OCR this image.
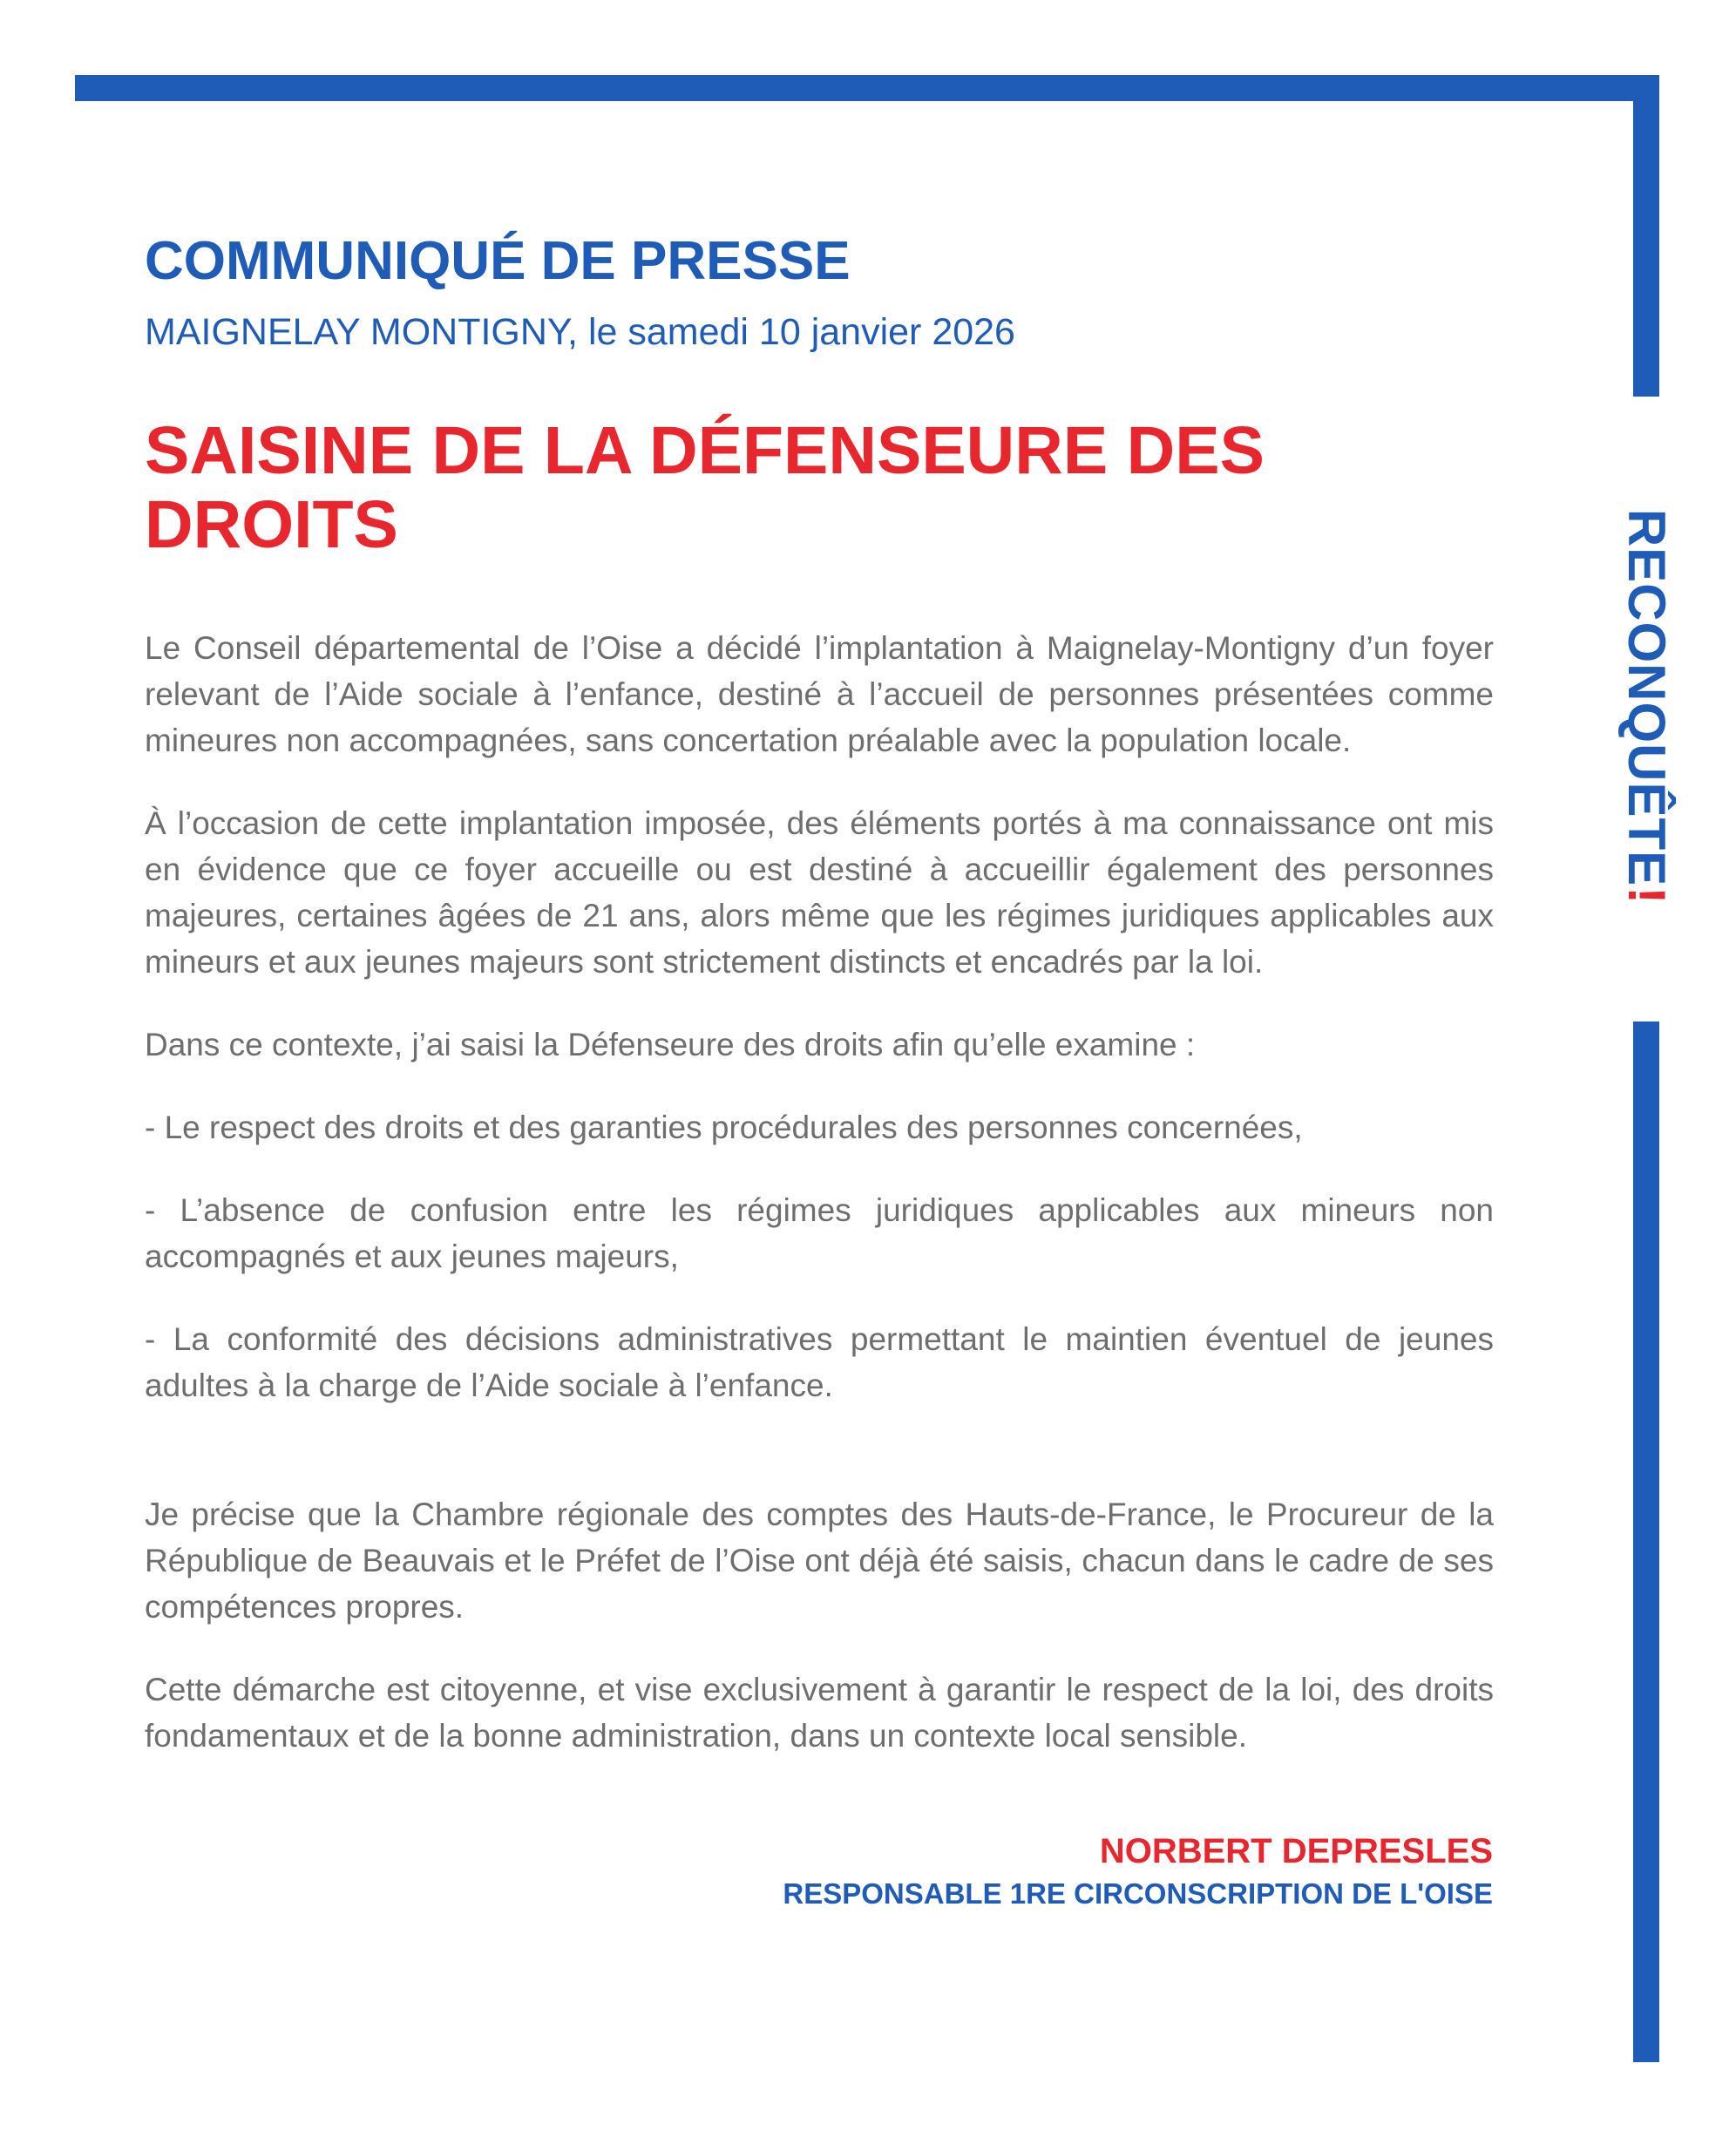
RECONQUÊTE!
COMMUNIQUÉ DE PRESSE

MAIGNELAY MONTIGNY, le samedi 10 janvier 2026

SAISINE DE LA DÉFENSEURE DES DROITS

Le Conseil départemental de l’Oise a décidé l’implantation à Maignelay-Montigny d’un foyer relevant de l’Aide sociale à l’enfance, destiné à l’accueil de personnes présentées comme mineures non accompagnées, sans concertation préalable avec la population locale.

À l’occasion de cette implantation imposée, des éléments portés à ma connaissance ont mis en évidence que ce foyer accueille ou est destiné à accueillir également des personnes majeures, certaines âgées de 21 ans, alors même que les régimes juridiques applicables aux mineurs et aux jeunes majeurs sont strictement distincts et encadrés par la loi.

Dans ce contexte, j’ai saisi la Défenseure des droits afin qu’elle examine :

- Le respect des droits et des garanties procédurales des personnes concernées,

- L’absence de confusion entre les régimes juridiques applicables aux mineurs non accompagnés et aux jeunes majeurs,

- La conformité des décisions administratives permettant le maintien éventuel de jeunes adultes à la charge de l’Aide sociale à l’enfance.

Je précise que la Chambre régionale des comptes des Hauts-de-France, le Procureur de la République de Beauvais et le Préfet de l’Oise ont déjà été saisis, chacun dans le cadre de ses compétences propres.

Cette démarche est citoyenne, et vise exclusivement à garantir le respect de la loi, des droits fondamentaux et de la bonne administration, dans un contexte local sensible.

NORBERT DEPRESLES

RESPONSABLE 1RE CIRCONSCRIPTION DE L'OISE
